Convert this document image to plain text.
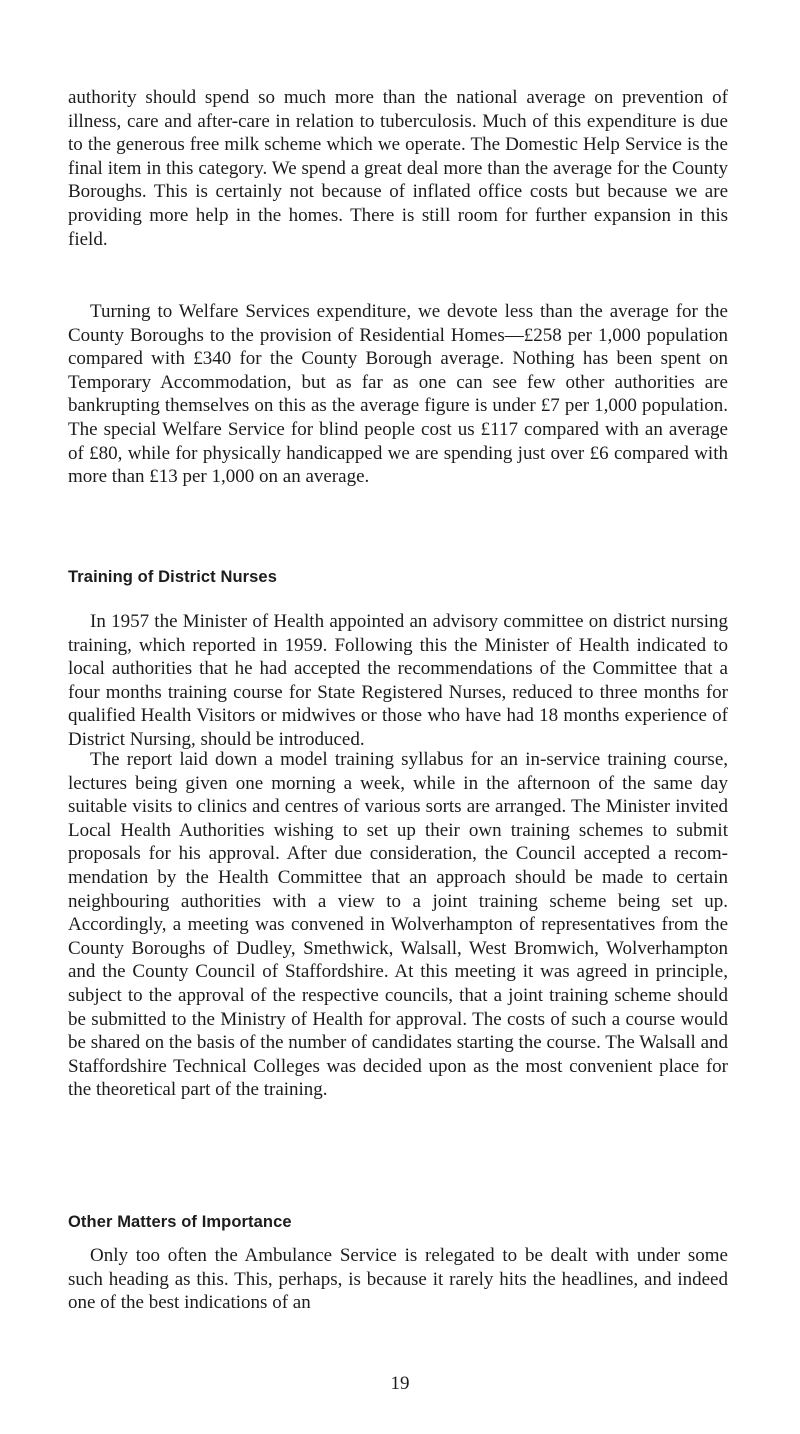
authority should spend so much more than the national average on prevention of illness, care and after-care in relation to tuberculosis. Much of this expenditure is due to the generous free milk scheme which we operate. The Domestic Help Service is the final item in this category. We spend a great deal more than the average for the County Boroughs. This is certainly not because of inflated office costs but because we are providing more help in the homes. There is still room for further expansion in this field.

Turning to Welfare Services expenditure, we devote less than the average for the County Boroughs to the provision of Residential Homes—£258 per 1,000 population compared with £340 for the County Borough average. Nothing has been spent on Temporary Accommodation, but as far as one can see few other authorities are bankrupting themselves on this as the average figure is under £7 per 1,000 population. The special Welfare Service for blind people cost us £117 compared with an average of £80, while for physically handicapped we are spending just over £6 compared with more than £13 per 1,000 on an average.

Training of District Nurses

In 1957 the Minister of Health appointed an advisory committee on district nursing training, which reported in 1959. Following this the Minister of Health indicated to local authorities that he had accepted the recommendations of the Committee that a four months training course for State Registered Nurses, reduced to three months for qualified Health Visitors or midwives or those who have had 18 months experience of District Nursing, should be introduced.

The report laid down a model training syllabus for an in-service training course, lectures being given one morning a week, while in the afternoon of the same day suitable visits to clinics and centres of various sorts are arranged. The Minister invited Local Health Authorities wishing to set up their own training schemes to submit proposals for his approval. After due consideration, the Council accepted a recommendation by the Health Committee that an approach should be made to certain neighbouring authorities with a view to a joint training scheme being set up. Accordingly, a meeting was convened in Wolverhampton of representatives from the County Boroughs of Dudley, Smethwick, Walsall, West Bromwich, Wolverhampton and the County Council of Staffordshire. At this meeting it was agreed in principle, subject to the approval of the respective councils, that a joint training scheme should be submitted to the Ministry of Health for approval. The costs of such a course would be shared on the basis of the number of candidates starting the course. The Walsall and Staffordshire Technical Colleges was decided upon as the most convenient place for the theoretical part of the training.

Other Matters of Importance

Only too often the Ambulance Service is relegated to be dealt with under some such heading as this. This, perhaps, is because it rarely hits the headlines, and indeed one of the best indications of an

19
